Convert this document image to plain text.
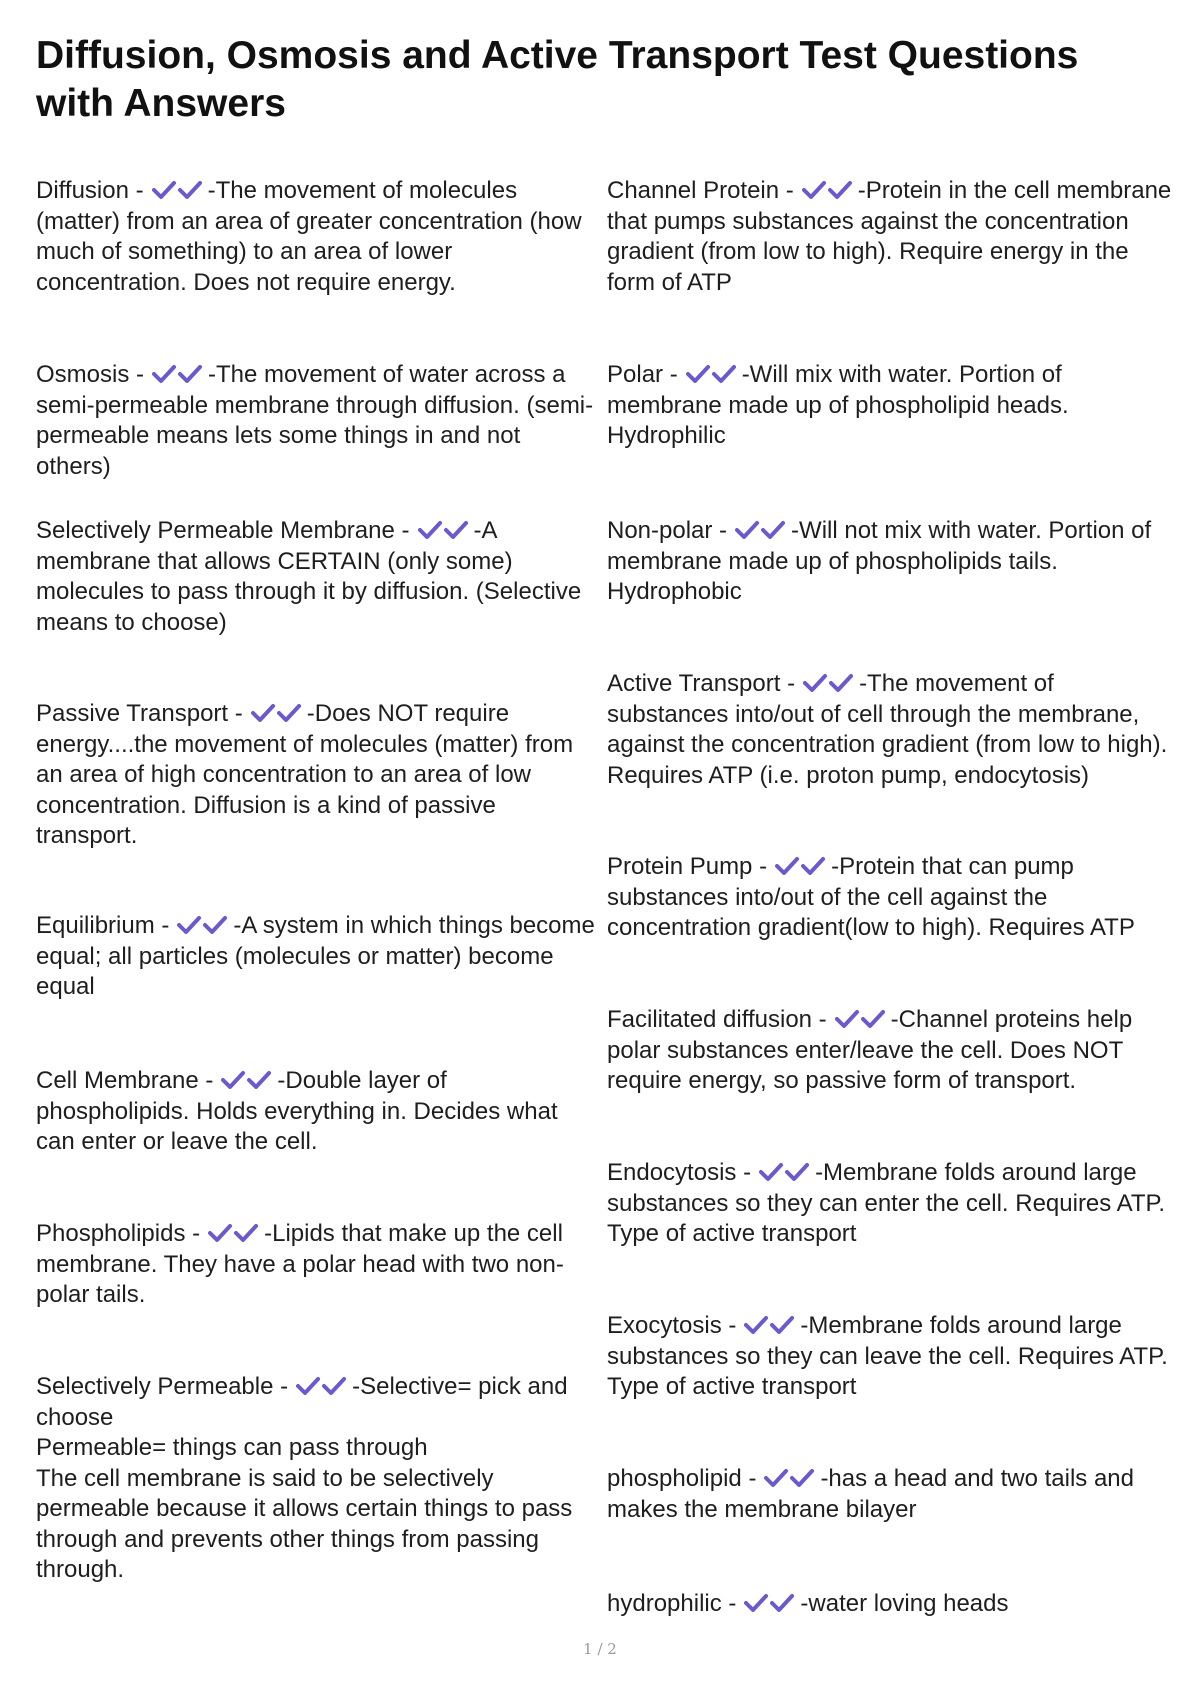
Diffusion, Osmosis and Active Transport Test Questions with Answers

Diffusion -	-The movement of molecules (matter) from an area of greater concentration (how much of something) to an area of lower concentration. Does not require energy.

Osmosis -	-The movement of water across a semi-permeable membrane through diffusion. (semi-permeable means lets some things in and not others)

Selectively Permeable Membrane -	-A membrane that allows CERTAIN (only some) molecules to pass through it by diffusion. (Selective means to choose)

Passive Transport -	-Does NOT require energy....the movement of molecules (matter) from an area of high concentration to an area of low concentration. Diffusion is a kind of passive transport.

Equilibrium -	-A system in which things become equal; all particles (molecules or matter) become equal

Cell Membrane -	-Double layer of phospholipids. Holds everything in. Decides what can enter or leave the cell.

Phospholipids -	-Lipids that make up the cell membrane. They have a polar head with two non-polar tails.

Selectively Permeable -	-Selective= pick and choose
Permeable= things can pass through
The cell membrane is said to be selectively permeable because it allows certain things to pass through and prevents other things from passing through.

Channel Protein -	-Protein in the cell membrane that pumps substances against the concentration gradient (from low to high). Require energy in the form of ATP

Polar -	-Will mix with water. Portion of membrane made up of phospholipid heads. Hydrophilic

Non-polar -	-Will not mix with water. Portion of membrane made up of phospholipids tails. Hydrophobic

Active Transport -	-The movement of substances into/out of cell through the membrane, against the concentration gradient (from low to high). Requires ATP (i.e. proton pump, endocytosis)

Protein Pump -	-Protein that can pump substances into/out of the cell against the concentration gradient(low to high). Requires ATP

Facilitated diffusion -	-Channel proteins help polar substances enter/leave the cell. Does NOT require energy, so passive form of transport.

Endocytosis -	-Membrane folds around large substances so they can enter the cell. Requires ATP. Type of active transport

Exocytosis -	-Membrane folds around large substances so they can leave the cell. Requires ATP. Type of active transport

phospholipid -	-has a head and two tails and makes the membrane bilayer

hydrophilic -	-water loving heads

1 / 2
